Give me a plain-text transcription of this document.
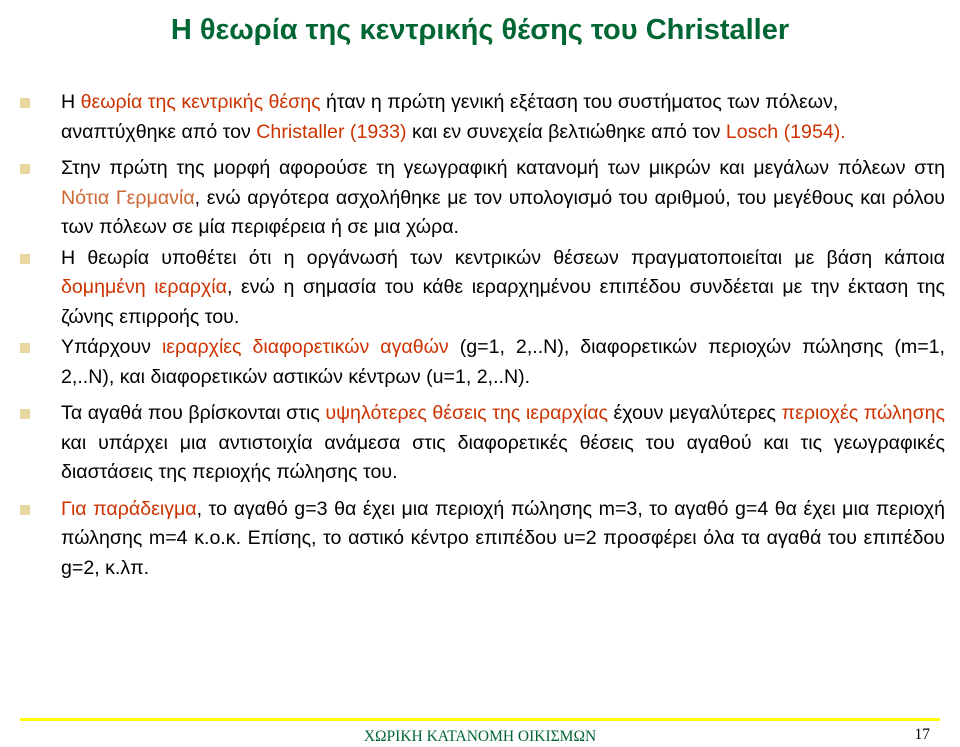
Η θεωρία της κεντρικής θέσης του Christaller
Η θεωρία της κεντρικής θέσης ήταν η πρώτη γενική εξέταση του συστήματος των πόλεων, αναπτύχθηκε από τον Christaller (1933) και εν συνεχεία βελτιώθηκε από τον Losch (1954).
Στην πρώτη της μορφή αφορούσε τη γεωγραφική κατανομή των μικρών και μεγάλων πόλεων στη Νότια Γερμανία, ενώ αργότερα ασχολήθηκε με τον υπολογισμό του αριθμού, του μεγέθους και ρόλου των πόλεων σε μία περιφέρεια ή σε μια χώρα.
Η θεωρία υποθέτει ότι η οργάνωσή των κεντρικών θέσεων πραγματοποιείται με βάση κάποια δομημένη ιεραρχία, ενώ η σημασία του κάθε ιεραρχημένου επιπέδου συνδέεται με την έκταση της ζώνης επιρροής του.
Υπάρχουν ιεραρχίες διαφορετικών αγαθών (g=1, 2,..N), διαφορετικών περιοχών πώλησης (m=1, 2,..N), και διαφορετικών αστικών κέντρων (u=1, 2,..N).
Τα αγαθά που βρίσκονται στις υψηλότερες θέσεις της ιεραρχίας έχουν μεγαλύτερες περιοχές πώλησης και υπάρχει μια αντιστοιχία ανάμεσα στις διαφορετικές θέσεις του αγαθού και τις γεωγραφικές διαστάσεις της περιοχής πώλησης του.
Για παράδειγμα, το αγαθό g=3 θα έχει μια περιοχή πώλησης m=3, το αγαθό g=4 θα έχει μια περιοχή πώλησης m=4 κ.ο.κ. Επίσης, το αστικό κέντρο επιπέδου u=2 προσφέρει όλα τα αγαθά του επιπέδου g=2, κ.λπ.
ΧΩΡΙΚΗ ΚΑΤΑΝΟΜΗ ΟΙΚΙΣΜΩΝ	17
